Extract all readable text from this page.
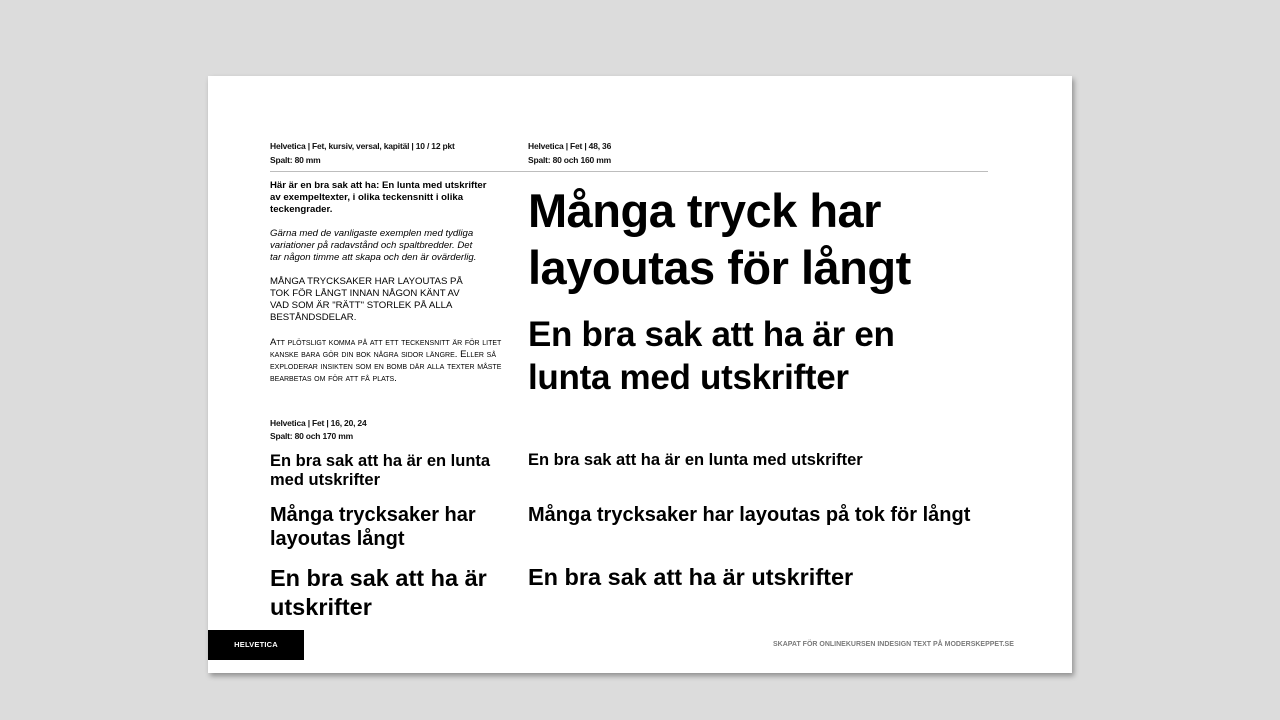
Helvetica | Fet, kursiv, versal, kapitäl | 10 / 12 pkt
Spalt: 80 mm
Helvetica | Fet | 48, 36
Spalt: 80 och 160 mm
Här är en bra sak att ha: En lunta med utskrifter
av exempeltexter, i olika teckensnitt i olika
teckengrader.
Gärna med de vanligaste exemplen med tydliga
variationer på radavstånd och spaltbredder. Det
tar någon timme att skapa och den är ovärderlig.
MÅNGA TRYCKSAKER HAR LAYOUTAS PÅ
TOK FÖR LÅNGT INNAN NÅGON KÄNT AV
VAD SOM ÄR "RÄTT" STORLEK PÅ ALLA
BESTÅNDSDELAR.
Att plötsligt komma på att ett teckensnitt är för litet
kanske bara gör din bok några sidor längre. Eller så
exploderar insikten som en bomb där alla texter måste
bearbetas om för att få plats.
Många tryck har
layoutas för långt
En bra sak att ha är en
lunta med utskrifter
Helvetica | Fet | 16, 20, 24
Spalt: 80 och 170 mm
En bra sak att ha är en lunta
med utskrifter
Många trycksaker har
layoutas långt
En bra sak att ha är
utskrifter
En bra sak att ha är en lunta med utskrifter
Många trycksaker har layoutas på tok för långt
En bra sak att ha är utskrifter
HELVETICA	SKAPAT FÖR ONLINEKURSEN INDESIGN TEXT PÅ MODERSKEPPET.SE
